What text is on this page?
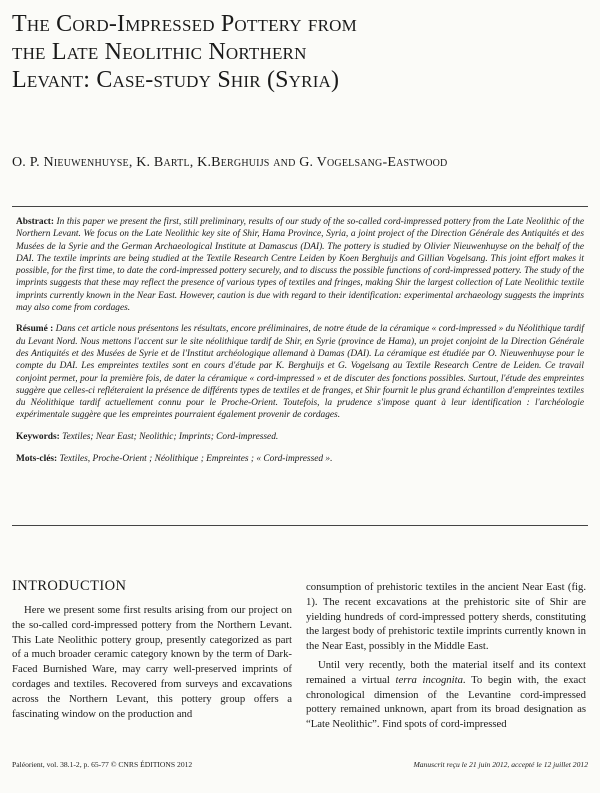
The Cord-Impressed Pottery from
the Late Neolithic Northern
Levant: Case-study Shir (Syria)
O. P. Nieuwenhuyse, K. Bartl, K.Berghuijs and G. Vogelsang-Eastwood

Abstract: In this paper we present the first, still preliminary, results of our study of the so-called cord-impressed pottery from the Late Neolithic of the Northern Levant. We focus on the Late Neolithic key site of Shir, Hama Province, Syria, a joint project of the Direction Générale des Antiquités et des Musées de la Syrie and the German Archaeological Institute at Damascus (DAI). The pottery is studied by Olivier Nieuwenhuyse on the behalf of the DAI. The textile imprints are being studied at the Textile Research Centre Leiden by Koen Berghuijs and Gillian Vogelsang. This joint effort makes it possible, for the first time, to date the cord-impressed pottery securely, and to discuss the possible functions of cord-impressed pottery. The study of the imprints suggests that these may reflect the presence of various types of textiles and fringes, making Shir the largest collection of Late Neolithic textile imprints currently known in the Near East. However, caution is due with regard to their identification: experimental archaeology suggests the imprints may also come from cordages.

Résumé : Dans cet article nous présentons les résultats, encore préliminaires, de notre étude de la céramique « cord-impressed » du Néolithique tardif du Levant Nord. Nous mettons l'accent sur le site néolithique tardif de Shir, en Syrie (province de Hama), un projet conjoint de la Direction Générale des Antiquités et des Musées de Syrie et de l'Institut archéologique allemand à Damas (DAI). La céramique est étudiée par O. Nieuwenhuyse pour le compte du DAI. Les empreintes textiles sont en cours d'étude par K. Berghuijs et G. Vogelsang au Textile Research Centre de Leiden. Ce travail conjoint permet, pour la première fois, de dater la céramique « cord-impressed » et de discuter des fonctions possibles. Surtout, l'étude des empreintes suggère que celles-ci refléteraient la présence de différents types de textiles et de franges, et Shir fournit le plus grand échantillon d'empreintes textiles du Néolithique tardif actuellement connu pour le Proche-Orient. Toutefois, la prudence s'impose quant à leur identification : l'archéologie expérimentale suggère que les empreintes pourraient également provenir de cordages.

Keywords: Textiles; Near East; Neolithic; Imprints; Cord-impressed.

Mots-clés: Textiles, Proche-Orient ; Néolithique ; Empreintes ; « Cord-impressed ».

INTRODUCTION

Here we present some first results arising from our project on the so-called cord-impressed pottery from the Northern Levant. This Late Neolithic pottery group, presently categorized as part of a much broader ceramic category known by the term of Dark-Faced Burnished Ware, may carry well-preserved imprints of cordages and textiles. Recovered from surveys and excavations across the Northern Levant, this pottery group offers a fascinating window on the production and

consumption of prehistoric textiles in the ancient Near East (fig. 1). The recent excavations at the prehistoric site of Shir are yielding hundreds of cord-impressed pottery sherds, constituting the largest body of prehistoric textile imprints currently known in the Near East, possibly in the Middle East.

Until very recently, both the material itself and its context remained a virtual terra incognita. To begin with, the exact chronological dimension of the Levantine cord-impressed pottery remained unknown, apart from its broad designation as “Late Neolithic”. Find spots of cord-impressed

Paléorient, vol. 38.1-2, p. 65-77 © CNRS ÉDITIONS 2012	Manuscrit reçu le 21 juin 2012, accepté le 12 juillet 2012
